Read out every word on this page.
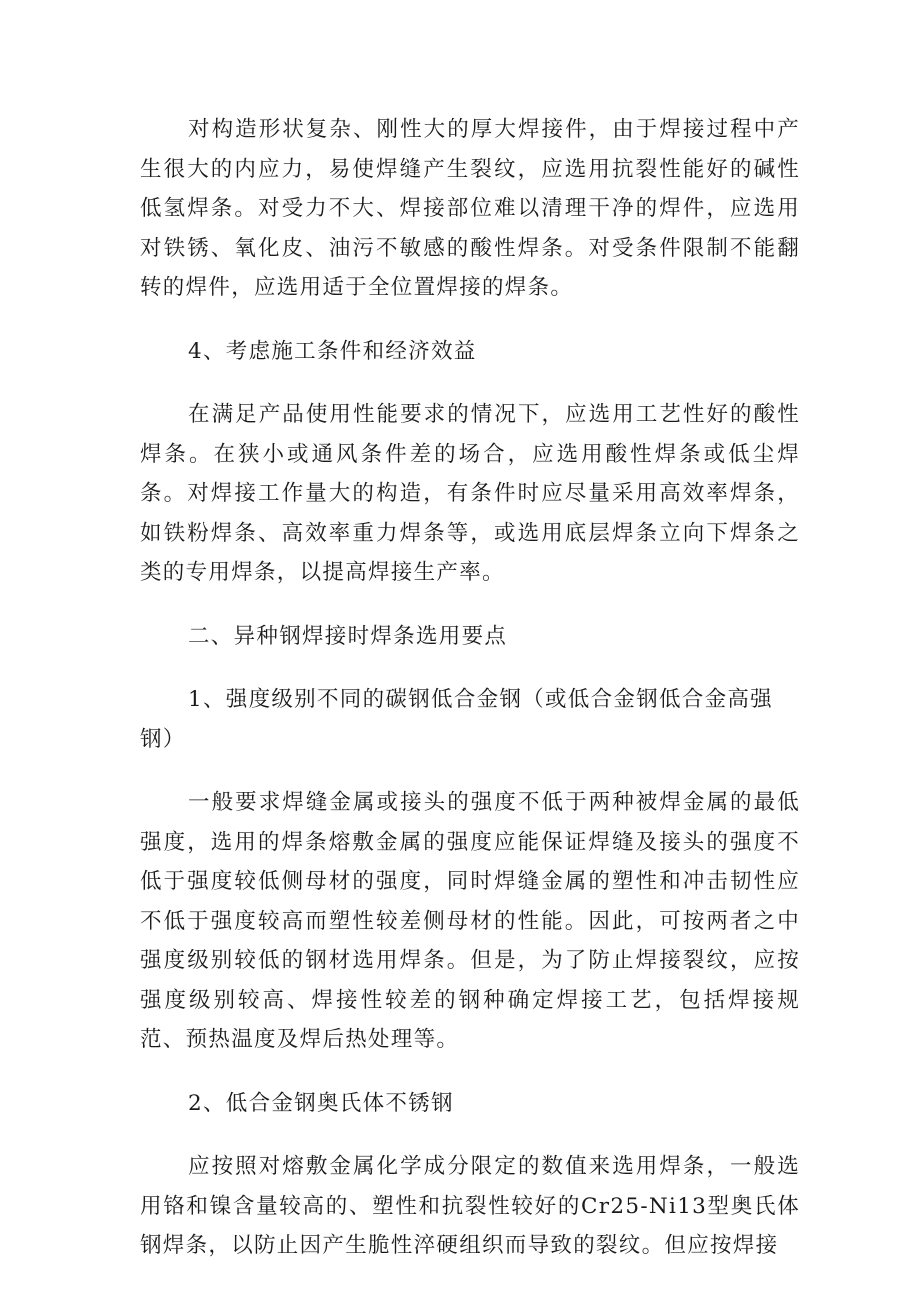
对构造形状复杂、刚性大的厚大焊接件，由于焊接过程中产生很大的内应力，易使焊缝产生裂纹，应选用抗裂性能好的碱性低氢焊条。对受力不大、焊接部位难以清理干净的焊件，应选用对铁锈、氧化皮、油污不敏感的酸性焊条。对受条件限制不能翻转的焊件，应选用适于全位置焊接的焊条。

4、考虑施工条件和经济效益

在满足产品使用性能要求的情况下，应选用工艺性好的酸性焊条。在狭小或通风条件差的场合，应选用酸性焊条或低尘焊条。对焊接工作量大的构造，有条件时应尽量采用高效率焊条，如铁粉焊条、高效率重力焊条等，或选用底层焊条立向下焊条之类的专用焊条，以提高焊接生产率。

二、异种钢焊接时焊条选用要点

1、强度级别不同的碳钢低合金钢（或低合金钢低合金高强钢）

一般要求焊缝金属或接头的强度不低于两种被焊金属的最低强度，选用的焊条熔敷金属的强度应能保证焊缝及接头的强度不低于强度较低侧母材的强度，同时焊缝金属的塑性和冲击韧性应不低于强度较高而塑性较差侧母材的性能。因此，可按两者之中强度级别较低的钢材选用焊条。但是，为了防止焊接裂纹，应按强度级别较高、焊接性较差的钢种确定焊接工艺，包括焊接规范、预热温度及焊后热处理等。

2、低合金钢奥氏体不锈钢

应按照对熔敷金属化学成分限定的数值来选用焊条，一般选用铬和镍含量较高的、塑性和抗裂性较好的Cr25-Ni13型奥氏体钢焊条，以防止因产生脆性淬硬组织而导致的裂纹。但应按焊接
